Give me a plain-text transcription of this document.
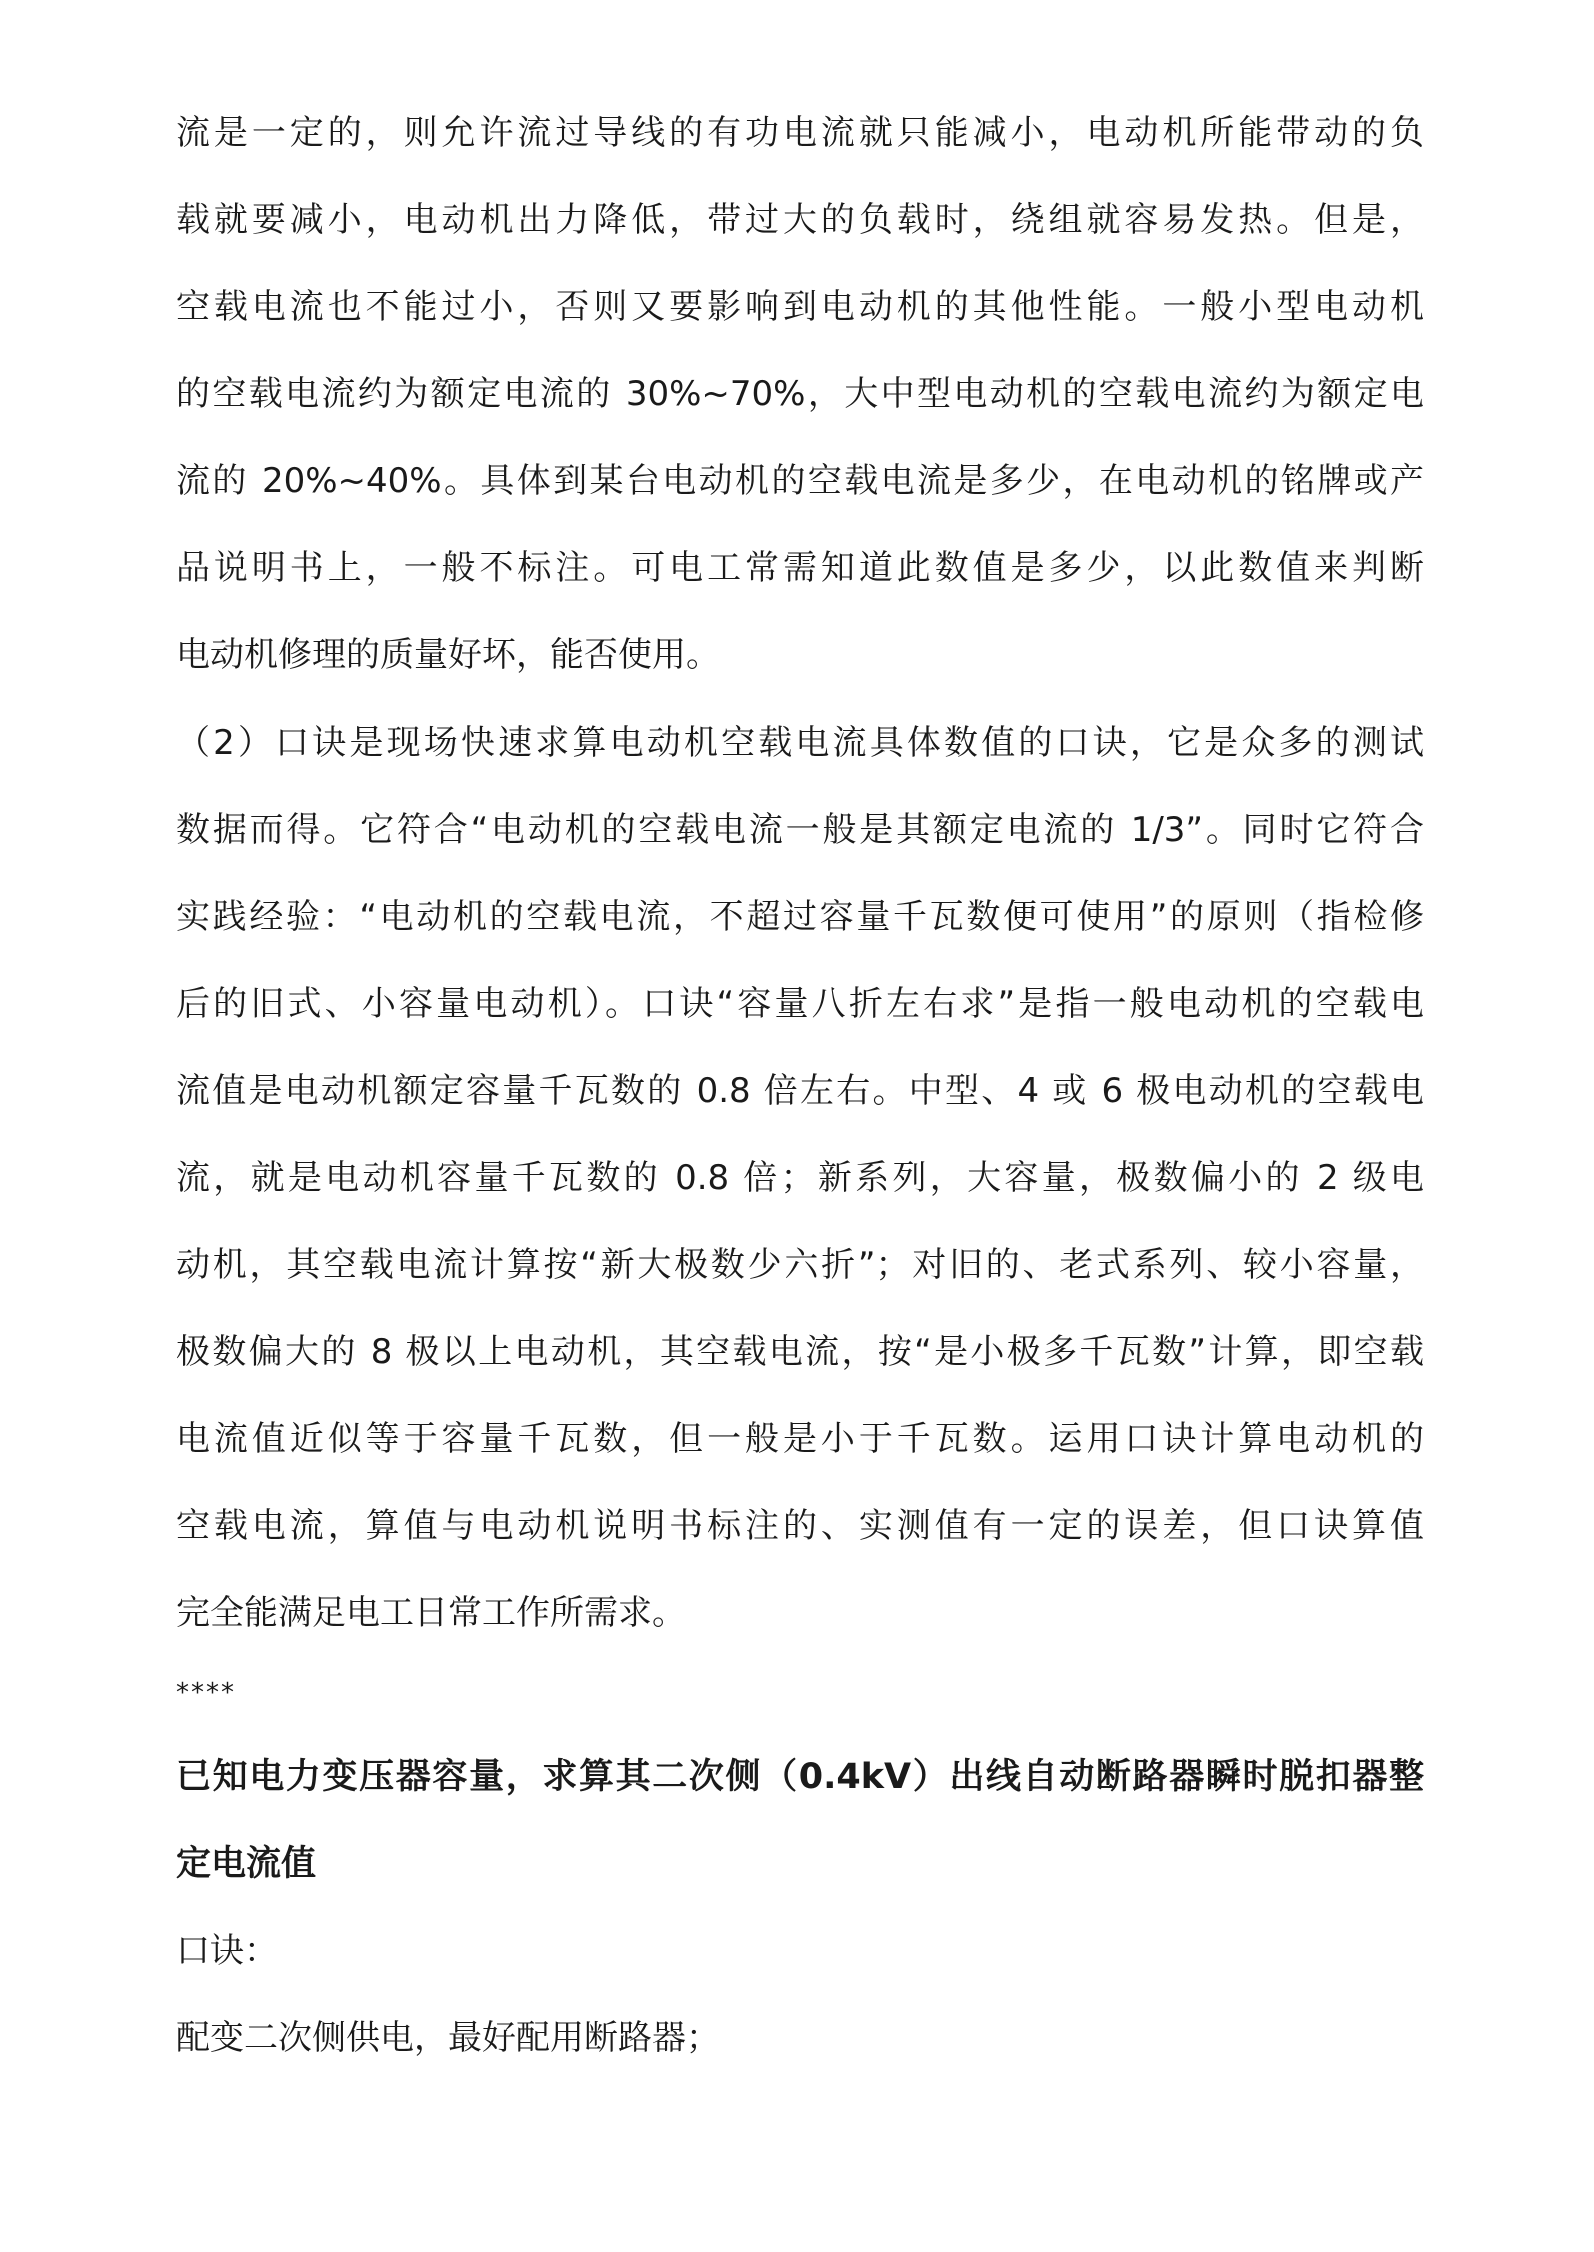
流是一定的，则允许流过导线的有功电流就只能减小，电动机所能带动的负
载就要减小，电动机出力降低，带过大的负载时，绕组就容易发热。但是，
空载电流也不能过小，否则又要影响到电动机的其他性能。一般小型电动机
的空载电流约为额定电流的 30%~70%，大中型电动机的空载电流约为额定电
流的 20%~40%。具体到某台电动机的空载电流是多少，在电动机的铭牌或产
品说明书上，一般不标注。可电工常需知道此数值是多少，以此数值来判断
电动机修理的质量好坏，能否使用。
（2）口诀是现场快速求算电动机空载电流具体数值的口诀，它是众多的测试
数据而得。它符合“电动机的空载电流一般是其额定电流的 1/3”。同时它符合
实践经验：“电动机的空载电流，不超过容量千瓦数便可使用”的原则（指检修
后的旧式、小容量电动机）。口诀“容量八折左右求”是指一般电动机的空载电
流值是电动机额定容量千瓦数的 0.8 倍左右。中型、4 或 6 极电动机的空载电
流，就是电动机容量千瓦数的 0.8 倍；新系列，大容量，极数偏小的 2 级电
动机，其空载电流计算按“新大极数少六折”；对旧的、老式系列、较小容量，
极数偏大的 8 极以上电动机，其空载电流，按“是小极多千瓦数”计算，即空载
电流值近似等于容量千瓦数，但一般是小于千瓦数。运用口诀计算电动机的
空载电流，算值与电动机说明书标注的、实测值有一定的误差，但口诀算值
完全能满足电工日常工作所需求。
****
已知电力变压器容量，求算其二次侧（0.4kV）出线自动断路器瞬时脱扣器整
定电流值
口诀：
配变二次侧供电，最好配用断路器；
